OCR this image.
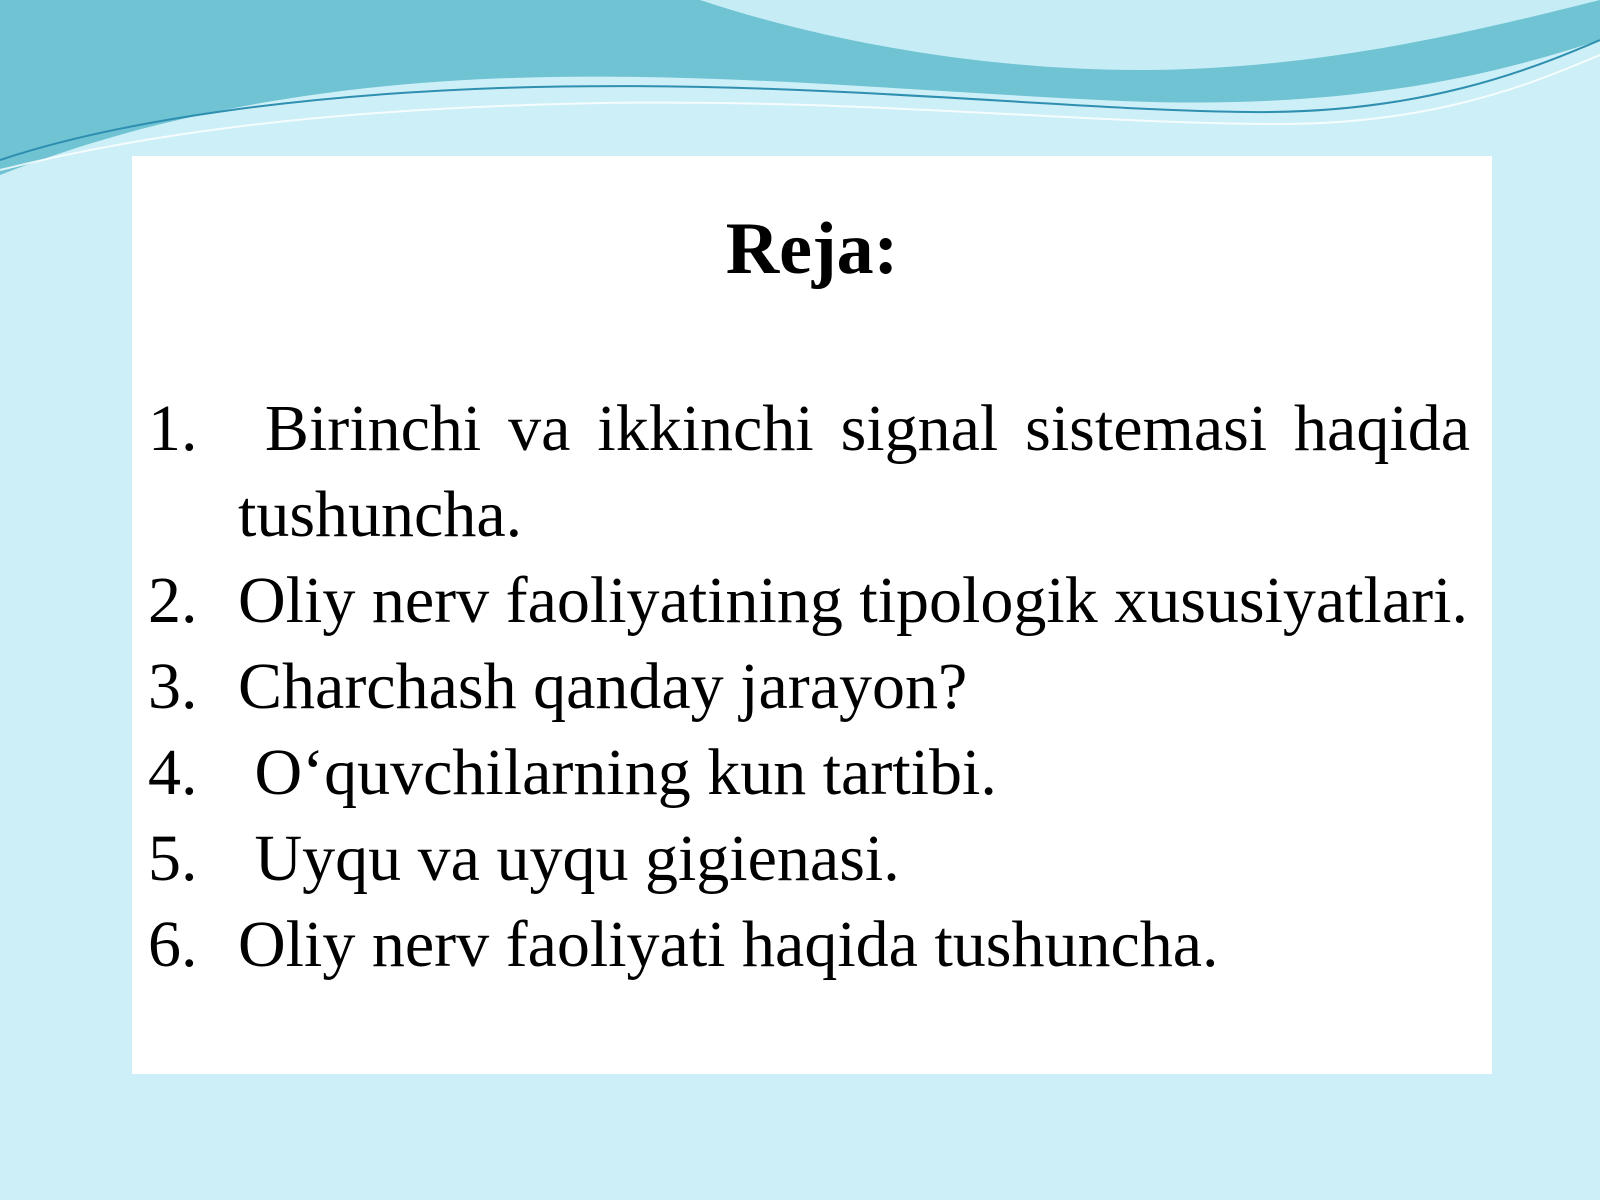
Reja:
1. Birinchi va ikkinchi signal sistemasi haqida tushuncha.
2. Oliy nerv faoliyatining tipologik xususiyatlari.
3. Charchash qanday jarayon?
4. O‘quvchilarning kun tartibi.
5. Uyqu va uyqu gigienasi.
6. Oliy nerv faoliyati haqida tushuncha.
